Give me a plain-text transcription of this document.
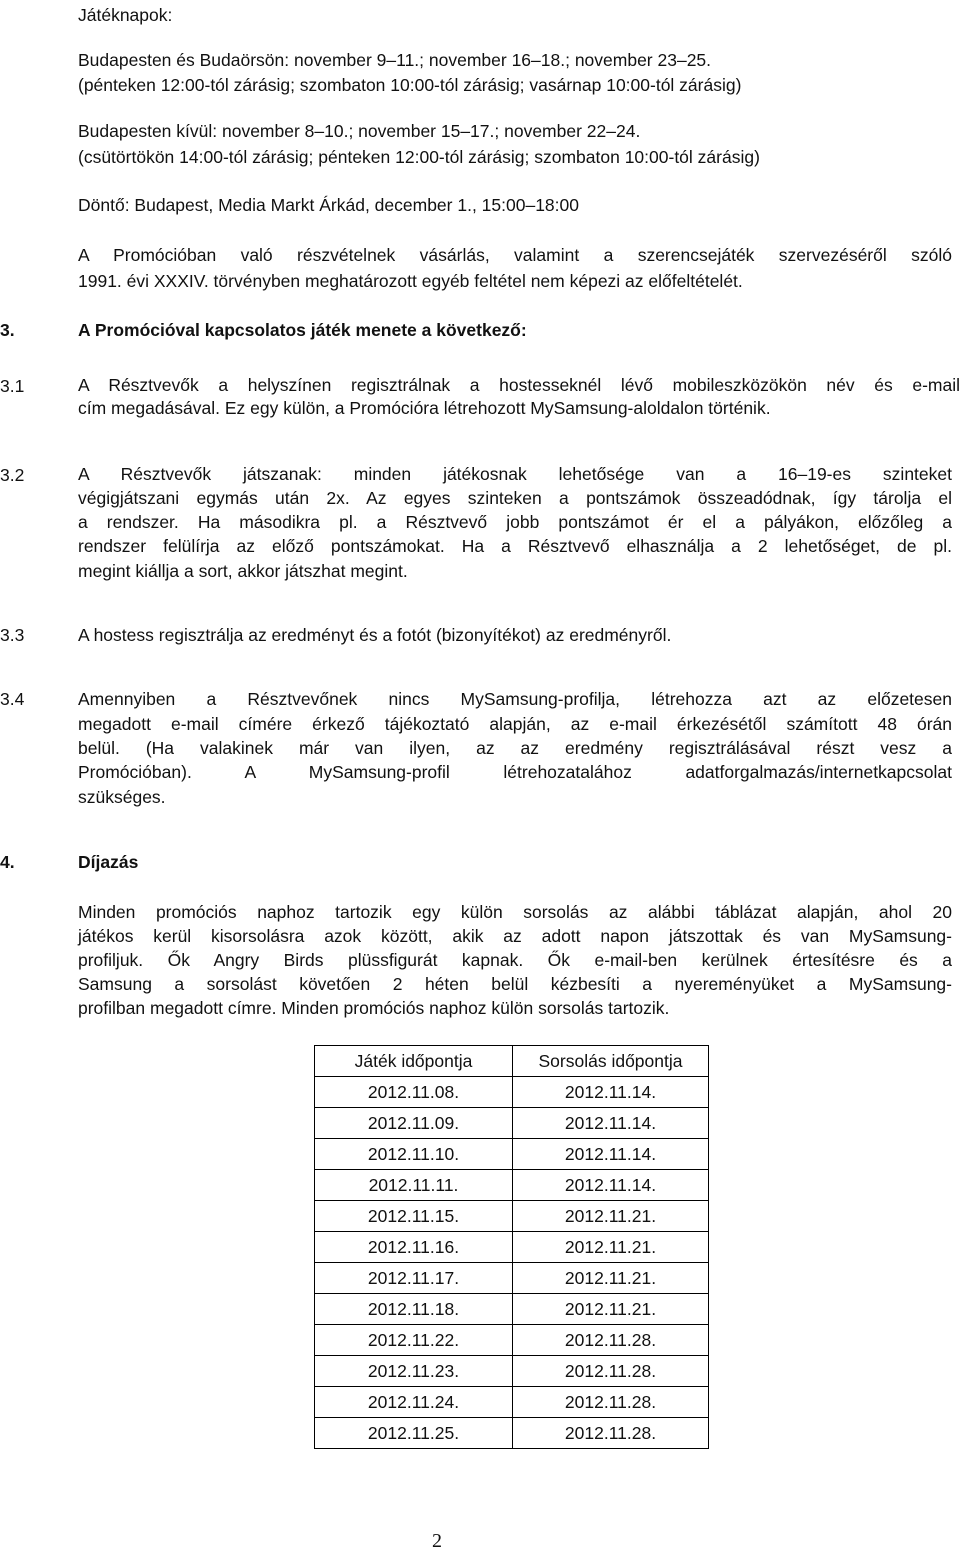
Játéknapok:
Budapesten és Budaörsön: november 9–11.; november 16–18.; november 23–25.
(pénteken 12:00-tól zárásig; szombaton 10:00-tól zárásig; vasárnap 10:00-tól zárásig)
Budapesten kívül: november 8–10.; november 15–17.; november 22–24.
(csütörtökön 14:00-tól zárásig; pénteken 12:00-tól zárásig; szombaton 10:00-tól zárásig)
Döntő: Budapest, Media Markt Árkád, december 1., 15:00–18:00
A Promócióban való részvételnek vásárlás, valamint a szerencsejáték szervezéséről szóló
1991. évi XXXIV. törvényben meghatározott egyéb feltétel nem képezi az előfeltételét.
3.	A Promócióval kapcsolatos játék menete a következő:
3.1	A Résztvevők a helyszínen regisztrálnak a hostesseknél lévő mobileszközökön név és e-mail
cím megadásával. Ez egy külön, a Promócióra létrehozott MySamsung-aloldalon történik.
3.2	A Résztvevők játszanak: minden játékosnak lehetősége van a 16–19-es szinteket
végigjátszani egymás után 2x. Az egyes szinteken a pontszámok összeadódnak, így tárolja el
a rendszer. Ha másodikra pl. a Résztvevő jobb pontszámot ér el a pályákon, előzőleg a
rendszer felülírja az előző pontszámokat. Ha a Résztvevő elhasználja a 2 lehetőséget, de pl.
megint kiállja a sort, akkor játszhat megint.
3.3	A hostess regisztrálja az eredményt és a fotót (bizonyítékot) az eredményről.
3.4	Amennyiben a Résztvevőnek nincs MySamsung-profilja, létrehozza azt az előzetesen
megadott e-mail címére érkező tájékoztató alapján, az e-mail érkezésétől számított 48 órán
belül. (Ha valakinek már van ilyen, az az eredmény regisztrálásával részt vesz a
Promócióban). A MySamsung-profil létrehozatalához adatforgalmazás/internetkapcsolat
szükséges.
4.	Díjazás
Minden promóciós naphoz tartozik egy külön sorsolás az alábbi táblázat alapján, ahol 20
játékos kerül kisorsolásra azok között, akik az adott napon játszottak és van MySamsung-
profiljuk. Ők Angry Birds plüssfigurát kapnak. Ők e-mail-ben kerülnek értesítésre és a
Samsung a sorsolást követően 2 héten belül kézbesíti a nyereményüket a MySamsung-
profilban megadott címre. Minden promóciós naphoz külön sorsolás tartozik.
Játék időpontja	Sorsolás időpontja
2012.11.08.	2012.11.14.
2012.11.09.	2012.11.14.
2012.11.10.	2012.11.14.
2012.11.11.	2012.11.14.
2012.11.15.	2012.11.21.
2012.11.16.	2012.11.21.
2012.11.17.	2012.11.21.
2012.11.18.	2012.11.21.
2012.11.22.	2012.11.28.
2012.11.23.	2012.11.28.
2012.11.24.	2012.11.28.
2012.11.25.	2012.11.28.
2
